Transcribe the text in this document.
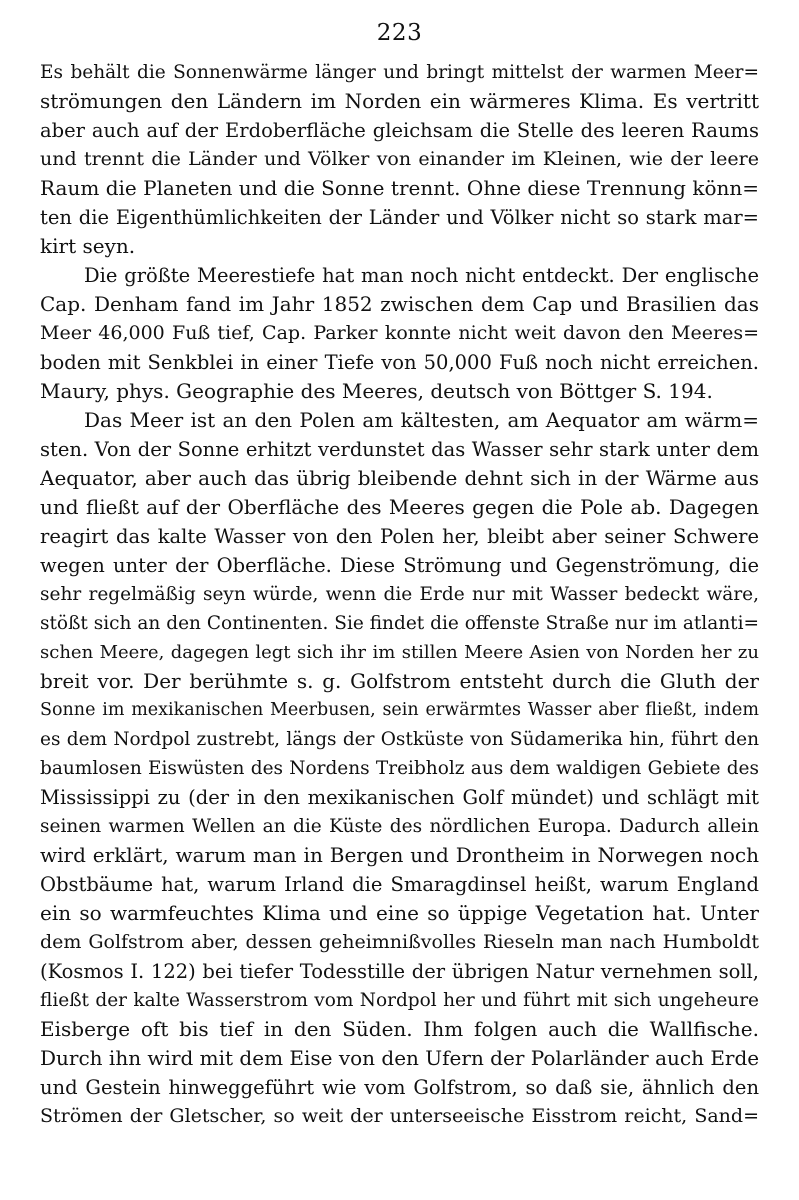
223
Es behält die Sonnenwärme länger und bringt mittelst der warmen Meer=
strömungen den Ländern im Norden ein wärmeres Klima. Es vertritt
aber auch auf der Erdoberfläche gleichsam die Stelle des leeren Raums
und trennt die Länder und Völker von einander im Kleinen, wie der leere
Raum die Planeten und die Sonne trennt. Ohne diese Trennung könn=
ten die Eigenthümlichkeiten der Länder und Völker nicht so stark mar=
kirt seyn.
Die größte Meerestiefe hat man noch nicht entdeckt. Der englische
Cap. Denham fand im Jahr 1852 zwischen dem Cap und Brasilien das
Meer 46,000 Fuß tief, Cap. Parker konnte nicht weit davon den Meeres=
boden mit Senkblei in einer Tiefe von 50,000 Fuß noch nicht erreichen.
Maury, phys. Geographie des Meeres, deutsch von Böttger S. 194.
Das Meer ist an den Polen am kältesten, am Aequator am wärm=
sten. Von der Sonne erhitzt verdunstet das Wasser sehr stark unter dem
Aequator, aber auch das übrig bleibende dehnt sich in der Wärme aus
und fließt auf der Oberfläche des Meeres gegen die Pole ab. Dagegen
reagirt das kalte Wasser von den Polen her, bleibt aber seiner Schwere
wegen unter der Oberfläche. Diese Strömung und Gegenströmung, die
sehr regelmäßig seyn würde, wenn die Erde nur mit Wasser bedeckt wäre,
stößt sich an den Continenten. Sie findet die offenste Straße nur im atlanti=
schen Meere, dagegen legt sich ihr im stillen Meere Asien von Norden her zu
breit vor. Der berühmte s. g. Golfstrom entsteht durch die Gluth der
Sonne im mexikanischen Meerbusen, sein erwärmtes Wasser aber fließt, indem
es dem Nordpol zustrebt, längs der Ostküste von Südamerika hin, führt den
baumlosen Eiswüsten des Nordens Treibholz aus dem waldigen Gebiete des
Mississippi zu (der in den mexikanischen Golf mündet) und schlägt mit
seinen warmen Wellen an die Küste des nördlichen Europa. Dadurch allein
wird erklärt, warum man in Bergen und Drontheim in Norwegen noch
Obstbäume hat, warum Irland die Smaragdinsel heißt, warum England
ein so warmfeuchtes Klima und eine so üppige Vegetation hat. Unter
dem Golfstrom aber, dessen geheimnißvolles Rieseln man nach Humboldt
(Kosmos I. 122) bei tiefer Todesstille der übrigen Natur vernehmen soll,
fließt der kalte Wasserstrom vom Nordpol her und führt mit sich ungeheure
Eisberge oft bis tief in den Süden. Ihm folgen auch die Wallfische.
Durch ihn wird mit dem Eise von den Ufern der Polarländer auch Erde
und Gestein hinweggeführt wie vom Golfstrom, so daß sie, ähnlich den
Strömen der Gletscher, so weit der unterseeische Eisstrom reicht, Sand=
